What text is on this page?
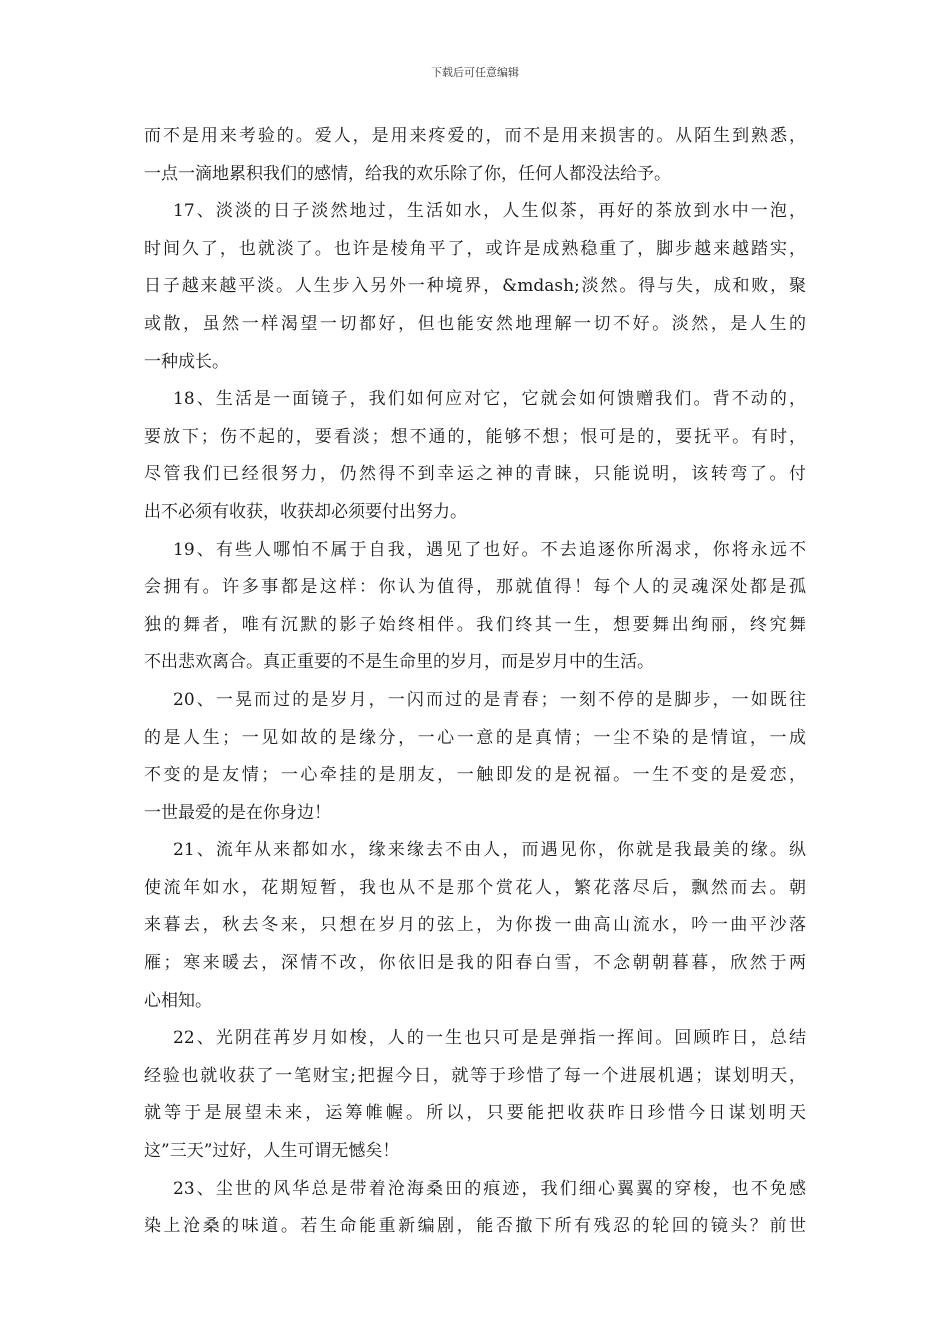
下载后可任意编辑
而不是用来考验的。爱人，是用来疼爱的，而不是用来损害的。从陌生到熟悉，
一点一滴地累积我们的感情，给我的欢乐除了你，任何人都没法给予。
17、淡淡的日子淡然地过，生活如水，人生似茶，再好的茶放到水中一泡，
时间久了，也就淡了。也许是棱角平了，或许是成熟稳重了，脚步越来越踏实，
日子越来越平淡。人生步入另外一种境界，&mdash;淡然。得与失，成和败，聚
或散，虽然一样渴望一切都好，但也能安然地理解一切不好。淡然，是人生的
一种成长。
18、生活是一面镜子，我们如何应对它，它就会如何馈赠我们。背不动的，
要放下；伤不起的，要看淡；想不通的，能够不想；恨可是的，要抚平。有时，
尽管我们已经很努力，仍然得不到幸运之神的青睐，只能说明，该转弯了。付
出不必须有收获，收获却必须要付出努力。
19、有些人哪怕不属于自我，遇见了也好。不去追逐你所渴求，你将永远不
会拥有。许多事都是这样：你认为值得，那就值得！每个人的灵魂深处都是孤
独的舞者，唯有沉默的影子始终相伴。我们终其一生，想要舞出绚丽，终究舞
不出悲欢离合。真正重要的不是生命里的岁月，而是岁月中的生活。
20、一晃而过的是岁月，一闪而过的是青春；一刻不停的是脚步，一如既往
的是人生；一见如故的是缘分，一心一意的是真情；一尘不染的是情谊，一成
不变的是友情；一心牵挂的是朋友，一触即发的是祝福。一生不变的是爱恋，
一世最爱的是在你身边！
21、流年从来都如水，缘来缘去不由人，而遇见你，你就是我最美的缘。纵
使流年如水，花期短暂，我也从不是那个赏花人，繁花落尽后，飘然而去。朝
来暮去，秋去冬来，只想在岁月的弦上，为你拨一曲高山流水，吟一曲平沙落
雁；寒来暖去，深情不改，你依旧是我的阳春白雪，不念朝朝暮暮，欣然于两
心相知。
22、光阴荏苒岁月如梭，人的一生也只可是是弹指一挥间。回顾昨日，总结
经验也就收获了一笔财宝;把握今日，就等于珍惜了每一个进展机遇；谋划明天，
就等于是展望未来，运筹帷幄。所以，只要能把收获昨日珍惜今日谋划明天
这”三天”过好，人生可谓无憾矣！
23、尘世的风华总是带着沧海桑田的痕迹，我们细心翼翼的穿梭，也不免感
染上沧桑的味道。若生命能重新编剧，能否撤下所有残忍的轮回的镜头？前世
